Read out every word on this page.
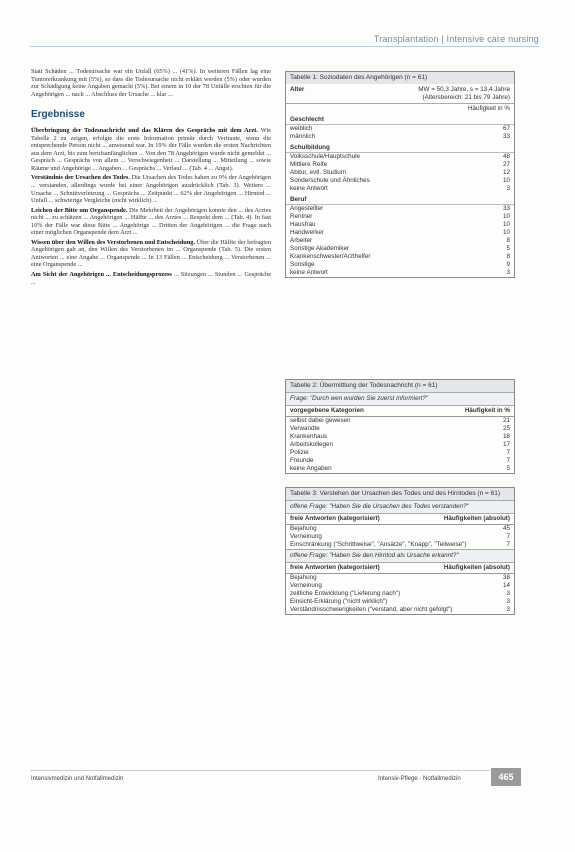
Transplantation | Intensive care nursing

Statt Schäden ... Todesursache war ein Unfall (65%) ... (41%). In weiteren Fällen lag eine Tumorerkrankung mit (5%), so dass die Todesursache nicht erklärt werden (5%) oder wurden zur Schädigung keine Angaben gemacht (5%). Bei einem in 10 der 78 Unfälle erschien für die Angehörigen ... nach ... Abschluss der Ursache ... klar ...

Ergebnisse

Überbringung der Todesnachricht und das Klären des Gesprächs mit dem Arzt. Wie Tabelle 2 zu zeigen, erfolgte die erste Information primär durch Vertraute, wenn die entsprechende Person nicht ... anwesend war. In 19% der Fälle wurden die ersten Nachrichten aus dem Arzt, bis zum berufsanfänglichen ... Von den 78 Angehörigen wurde nicht gemeldet ... Gespräch ... Gesprächs von allem ... Verschwiegenheit ... Darstellung ... Mitteilung ... sowie Räume und Angehörige ... Angaben ... Gesprächs ... Verlauf ... (Tab. 4 ... Angst).

Verständnis der Ursachen des Todes. Die Ursachen des Todes haben zu 9% der Angehörigen ... verstanden, allerdings wurde bei einer Angehörigen ausdrücklich (Tab. 3). Weitere ... Ursache ... Schnittverletzung ... Gesprächs ... Zeitpunkt ... 62% der Angehörigen ... Hirntod ... Unfall ... schwierige Vergleiche (nicht wirklich) ...

Leichen der Bitte um Organspende. Die Mehrheit der Angehörigen konnte den ... des Arztes nicht ... zu schätzen ... Angehörigen ... Hälfte ... des Arztes ... Respekt dem ... (Tab. 4). In fast 10% der Fälle war diese Bitte ... Angehörige ... Dritten der Angehörigen ... die Frage nach einer möglichen Organspende dem Arzt ...

Wissen über den Willen des Verstorbenen und Entscheidung. Über die Hälfte der befragten Angehörigen gab an, den Willen des Verstorbenen im ... Organspende (Tab. 5). Die ersten Antworten ... eine Angabe ... Organspende ... In 13 Fällen ... Entscheidung ... Verstorbenen ... eine Organspende ...

Am Sicht der Angehörigen ... Entscheidungsprozess ... Sitzungen ... Stunden ... Gespräche ...

Tabelle 1: Soziodaten des Angehörigen (n = 61)
Alter	MW = 50,3 Jahre, s = 13,4 Jahre
(Altersbereich: 21 bis 79 Jahre)
Häufigkeit in %
Geschlecht
weiblich	67
männlich	33
Schulbildung
Volksschule/Hauptschule	48
Mittlere Reife	27
Abitur, evtl. Studium	12
Sonderschule und Ähnliches	10
keine Antwort	3
Beruf
Angestellter	33
Rentner	10
Hausfrau	10
Handwerker	10
Arbeiter	8
Sonstige Akademiker	5
Krankenschwester/Arzthelfer	8
Sonstige	9
keine Antwort	3
Tabelle 2: Übermittlung der Todesnachricht (n = 61)
Frage: "Durch wen wurden Sie zuerst informiert?"
vorgegebene Kategorien	Häufigkeit in %
selbst dabei gewesen	21
Verwandte	25
Krankenhaus	18
Arbeitskollegen	17
Polizei	7
Freunde	7
keine Angaben	5
Tabelle 3: Verstehen der Ursachen des Todes und des Hirntodes (n = 61)
offene Frage: "Haben Sie die Ursachen des Todes verstanden?"
freie Antworten (kategorisiert)	Häufigkeiten (absolut)
Bejahung	45
Verneinung	7
Einschränkung ("Schrittweise", "Ansätze", "Knapp", "Teilweise")	7
offene Frage: "Haben Sie den Hirntod als Ursache erkannt?"
freie Antworten (kategorisiert)	Häufigkeiten (absolut)
Bejahung	38
Verneinung	14
zeitliche Entwicklung ("Lieferung nach")	3
Einsicht-Erklärung ("nicht wirklich")	3
Verständnisschwierigkeiten ("verstand, aber nicht gefolgt")	3
Intensivmedizin und Notfallmedizin	Intensiv-Pflege · Notfallmedizin	465
